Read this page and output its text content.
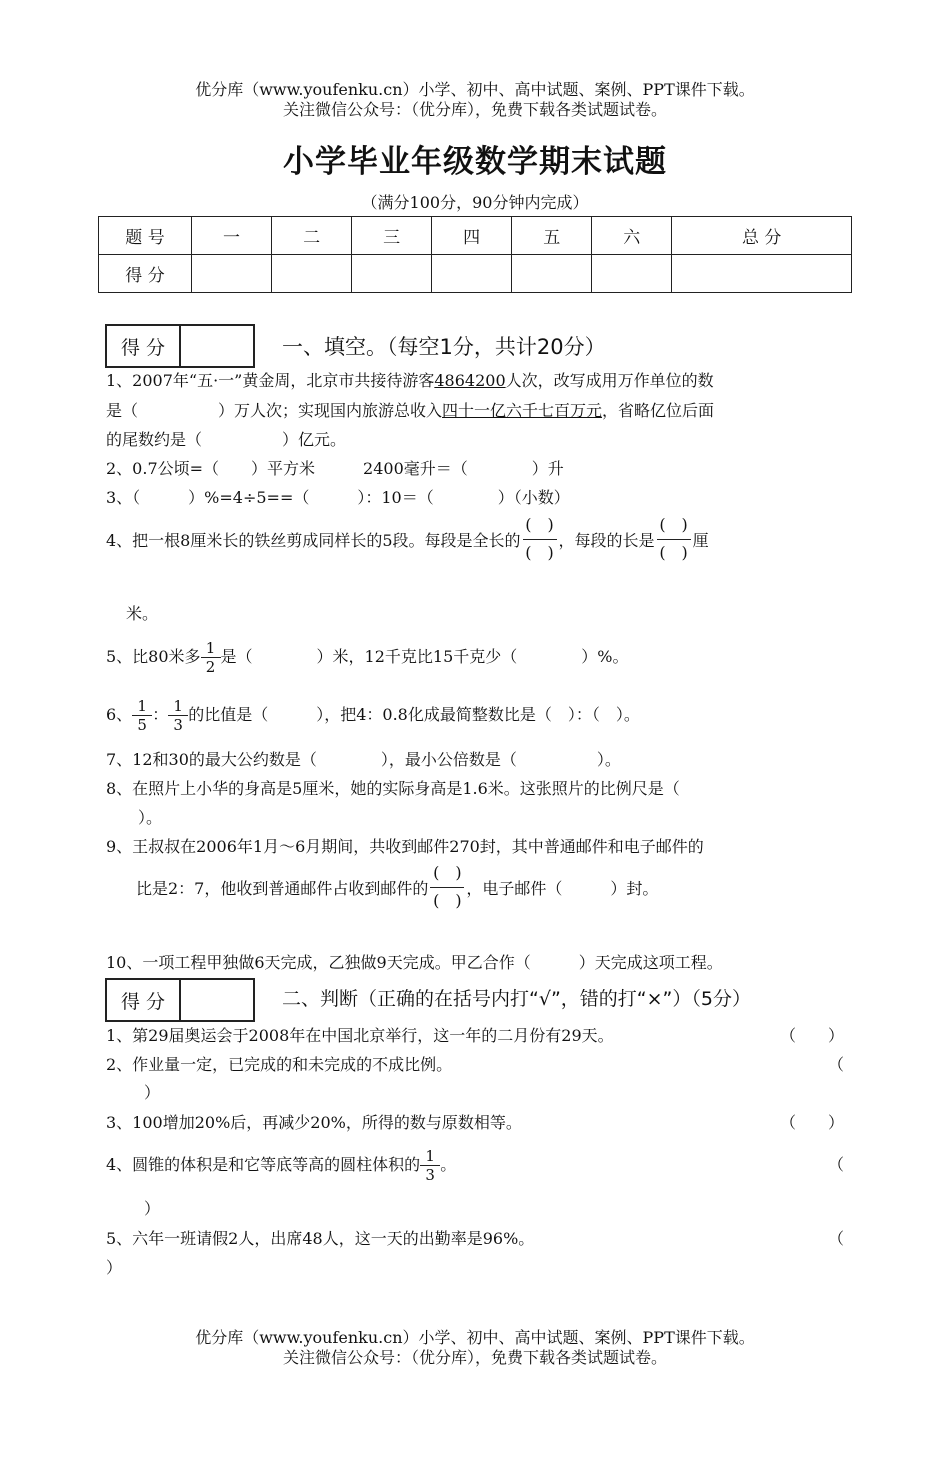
优分库（www.youfenku.cn）小学、初中、高中试题、案例、PPT课件下载。
关注微信公众号：（优分库），免费下载各类试题试卷。
小学毕业年级数学期末试题
（满分100分，90分钟内完成）
题 号	一	二	三	四	五	六	总 分
得 分							
得 分	一、填空。（每空1分，共计20分）
1、2007年“五·一”黄金周，北京市共接待游客4864200人次，改写成用万作单位的数
是（　　　　　）万人次；实现国内旅游总收入四十一亿六千七百万元，省略亿位后面
的尾数约是（　　　　　）亿元。
2、0.7公顷=（　　）平方米　　　2400毫升＝（　　　　）升
3、（　　　）%=4÷5==（　　　）：10＝（　　　　）（小数）
4、把一根8厘米长的铁丝剪成同样长的5段。每段是全长的
(　)
(　)
，每段的长是
(　)
(　)
厘
米。
5、比80米多 $\frac{1}{2}$ 是（　　　　）米，12千克比15千克少（　　　　）%。
6、 $\frac{1}{5}$ ： $\frac{1}{3}$ 的比值是（　　　），把4：0.8化成最简整数比是（　）：（　）。
7、12和30的最大公约数是（　　　　），最小公倍数是（　　　　　）。
8、在照片上小华的身高是5厘米，她的实际身高是1.6米。这张照片的比例尺是（
）。
9、王叔叔在2006年1月～6月期间，共收到邮件270封，其中普通邮件和电子邮件的
比是2：7，他收到普通邮件占收到邮件的
(　)
(　)
，电子邮件（　　　）封。
10、一项工程甲独做6天完成，乙独做9天完成。甲乙合作（　　　）天完成这项工程。
得 分	二、判断（正确的在括号内打“√”，错的打“×”）（5分）
1、第29届奥运会于2008年在中国北京举行，这一年的二月份有29天。	（　　）
2、作业量一定，已完成的和未完成的不成比例。	（
）
3、100增加20%后，再减少20%，所得的数与原数相等。	（　　）
4、圆锥的体积是和它等底等高的圆柱体积的 $\frac{1}{3}$ 。	（
）
5、六年一班请假2人，出席48人，这一天的出勤率是96%。	（
）
优分库（www.youfenku.cn）小学、初中、高中试题、案例、PPT课件下载。
关注微信公众号：（优分库），免费下载各类试题试卷。
